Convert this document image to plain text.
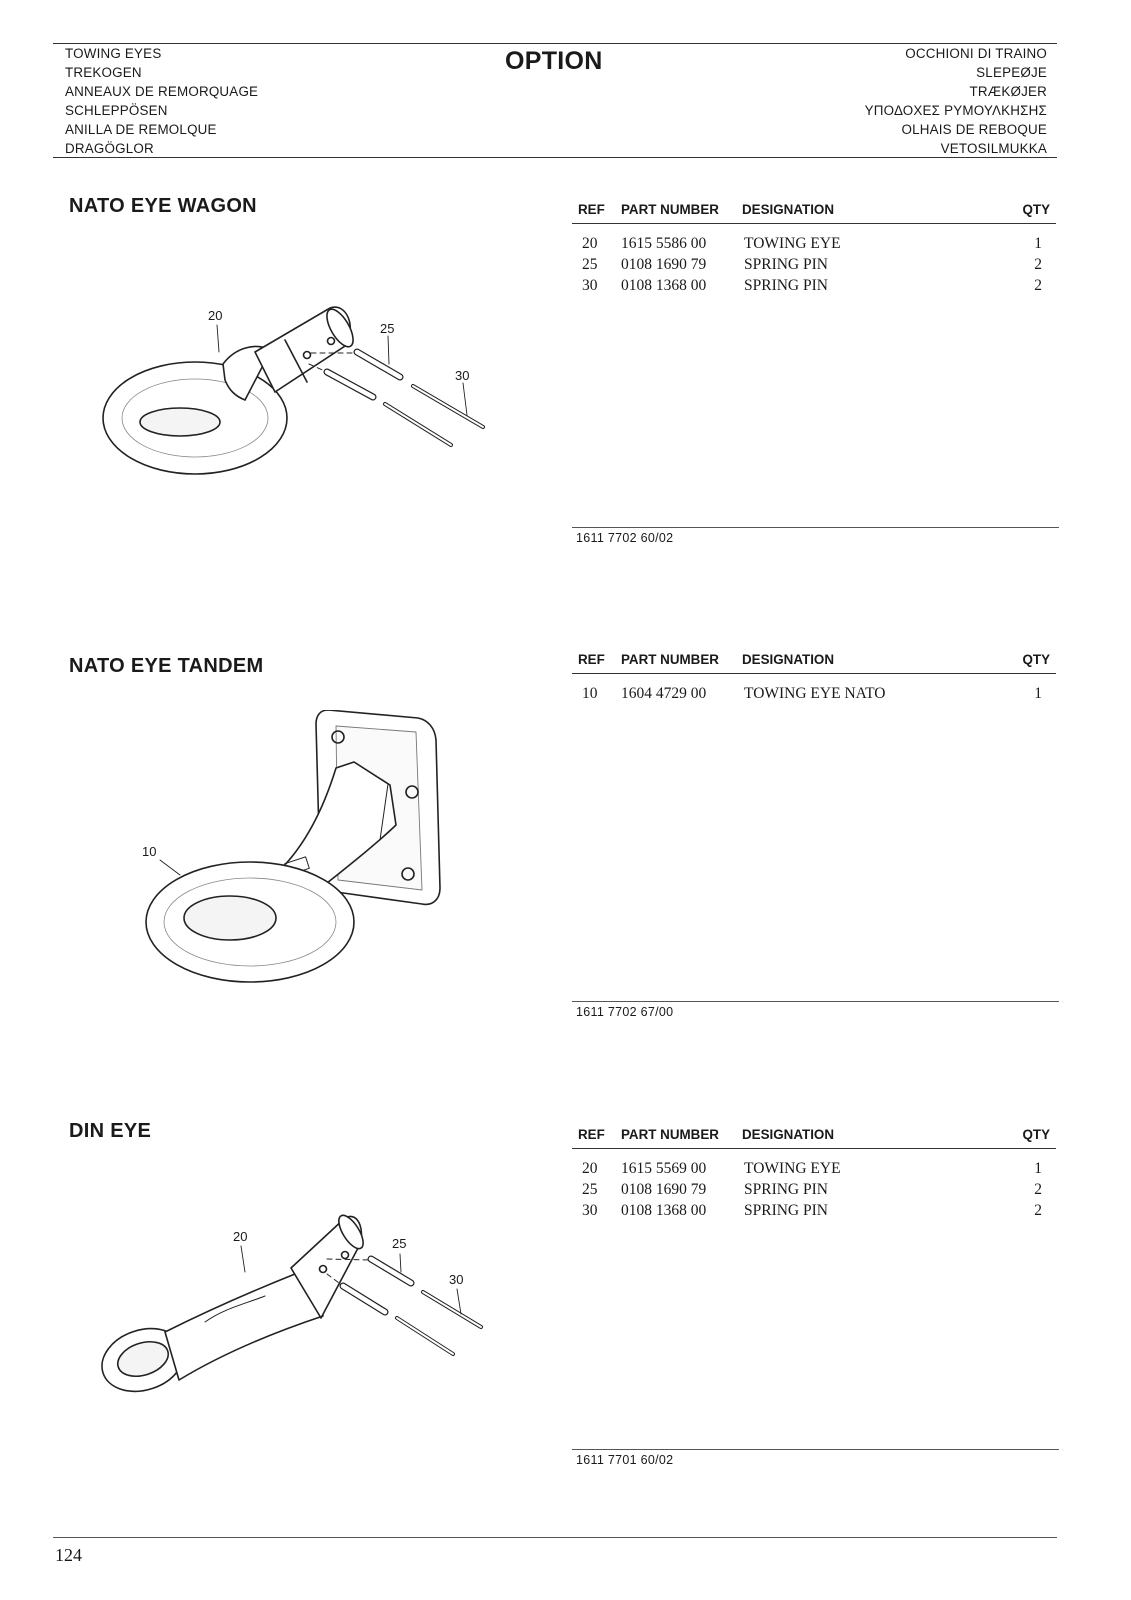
TOWING EYES
TREKOGEN
ANNEAUX DE REMORQUAGE
SCHLEPPÖSEN
ANILLA DE REMOLQUE
DRAGÖGLOR
OPTION	OCCHIONI DI TRAINO
SLEPEØJE
TRÆKØJER
ΥΠΟΔΟΧΕΣ ΡΥΜΟΥΛΚΗΣΗΣ
OLHAIS DE REBOQUE
VETOSILMUKKA
NATO EYE WAGON	REF PART NUMBER DESIGNATION	QTY
20 1615 5586 00 TOWING EYE	1
25 0108 1690 79 SPRING PIN	2
30 0108 1368 00 SPRING PIN	2
20
25
30
1611 7702 60/02
NATO EYE TANDEM	REF PART NUMBER DESIGNATION	QTY
10 1604 4729 00 TOWING EYE NATO	1
10
1611 7702 67/00
DIN EYE	REF PART NUMBER DESIGNATION	QTY
20 1615 5569 00 TOWING EYE	1
25 0108 1690 79 SPRING PIN	2
30 0108 1368 00 SPRING PIN	2
20	25
30
1611 7701 60/02
124
